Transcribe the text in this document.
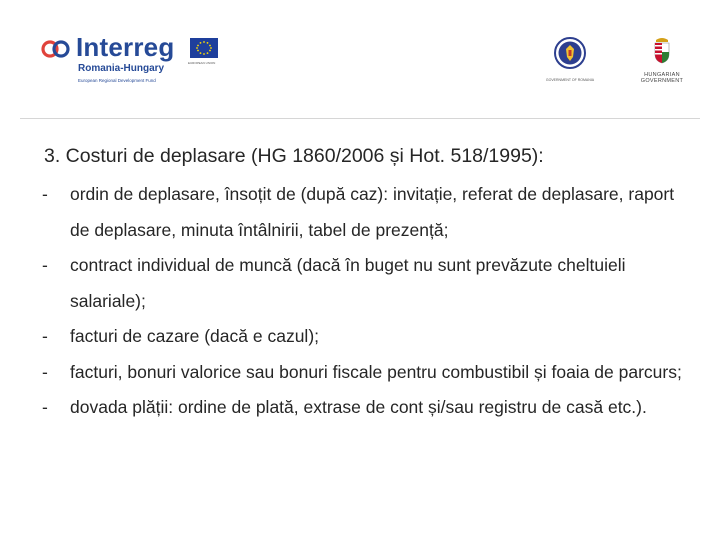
Interreg
EUROPEAN UNION
Romania-Hungary
European Regional Development Fund	GOVERNMENT OF ROMANIA
HUNGARIAN
GOVERNMENT
3. Costuri de deplasare (HG 1860/2006 și Hot. 518/1995):
- ordin de deplasare, însoțit de (după caz): invitație, referat de deplasare, raport de deplasare, minuta întâlnirii, tabel de prezență;
- contract individual de muncă (dacă în buget nu sunt prevăzute cheltuieli salariale);
- facturi de cazare (dacă e cazul);
- facturi, bonuri valorice sau bonuri fiscale pentru combustibil și foaia de parcurs;
- dovada plății: ordine de plată, extrase de cont și/sau registru de casă etc.).
